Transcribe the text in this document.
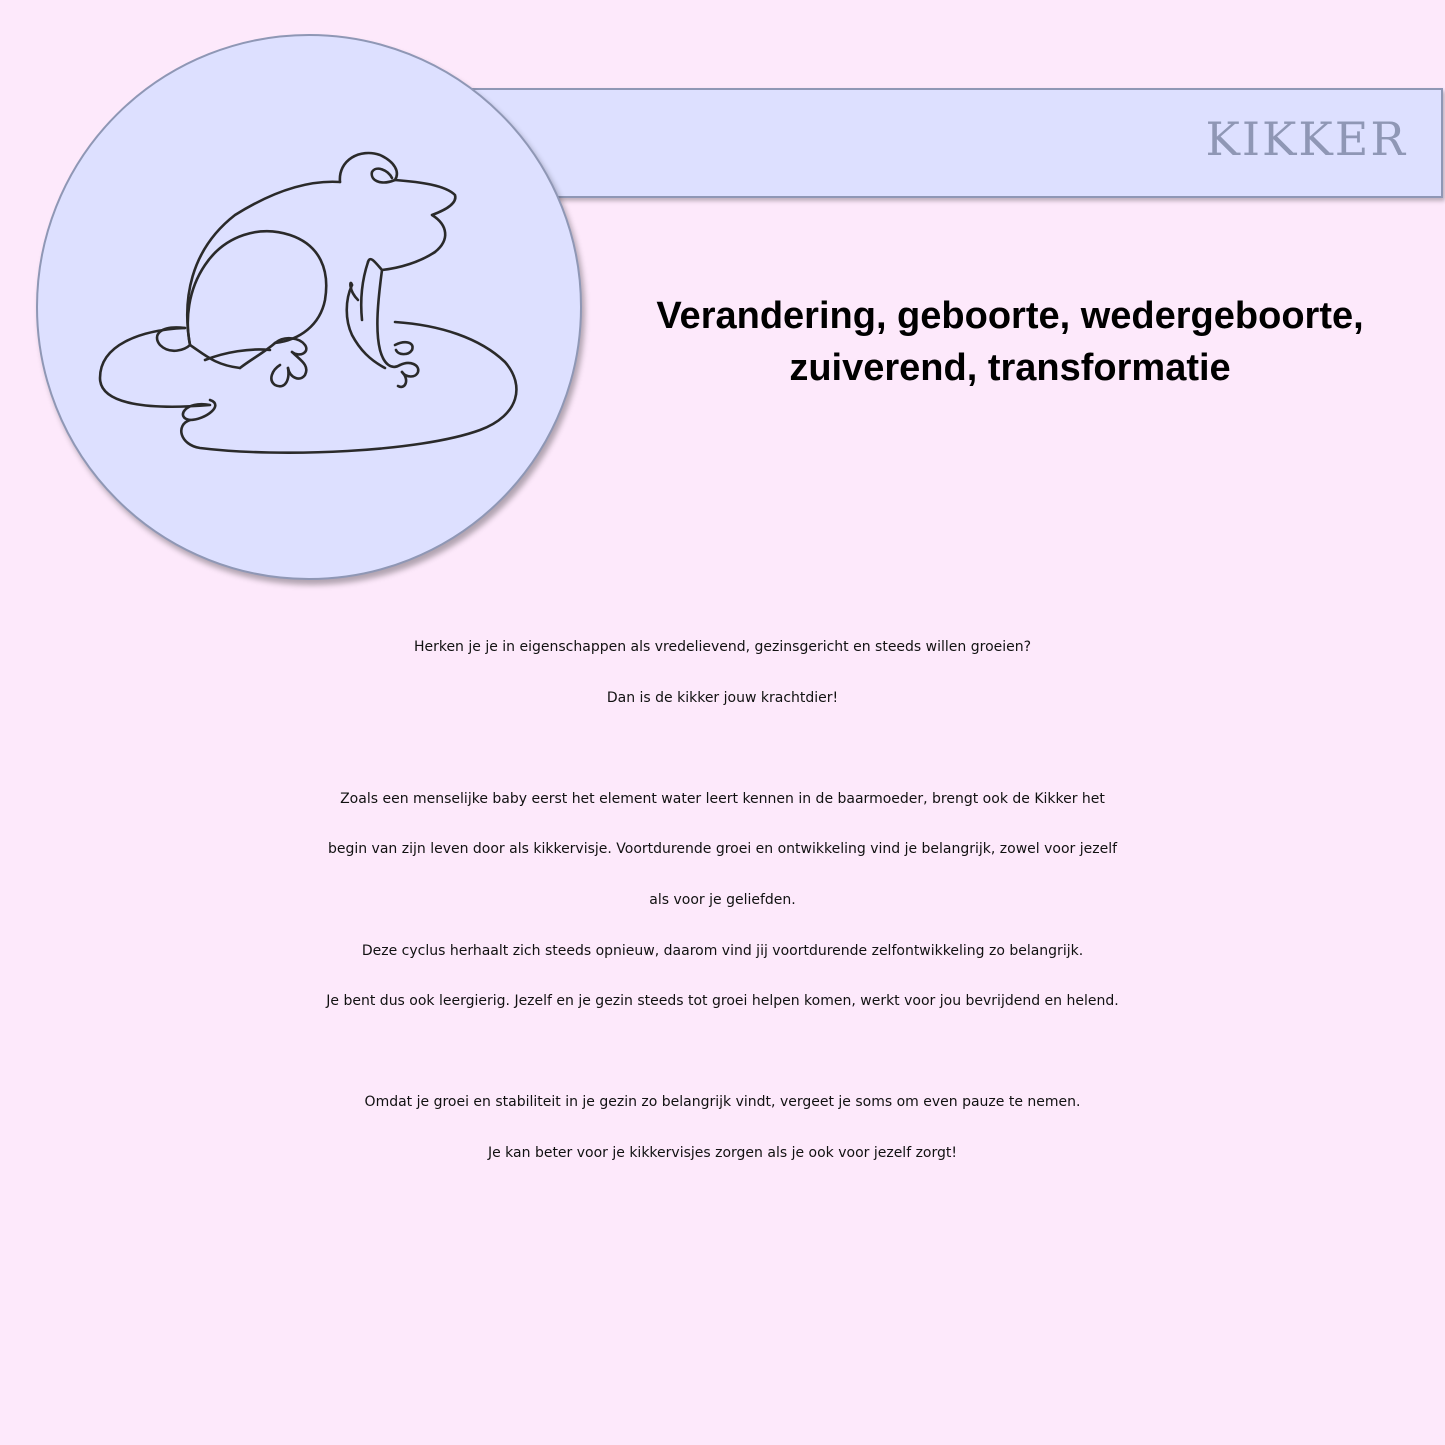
KIKKER
Verandering, geboorte, wedergeboorte,
zuiverend, transformatie
Herken je je in eigenschappen als vredelievend, gezinsgericht en steeds willen groeien?
Dan is de kikker jouw krachtdier!
Zoals een menselijke baby eerst het element water leert kennen in de baarmoeder, brengt ook de Kikker het
begin van zijn leven door als kikkervisje. Voortdurende groei en ontwikkeling vind je belangrijk, zowel voor jezelf
als voor je geliefden.
Deze cyclus herhaalt zich steeds opnieuw, daarom vind jij voortdurende zelfontwikkeling zo belangrijk.
Je bent dus ook leergierig. Jezelf en je gezin steeds tot groei helpen komen, werkt voor jou bevrijdend en helend.
Omdat je groei en stabiliteit in je gezin zo belangrijk vindt, vergeet je soms om even pauze te nemen.
Je kan beter voor je kikkervisjes zorgen als je ook voor jezelf zorgt!
